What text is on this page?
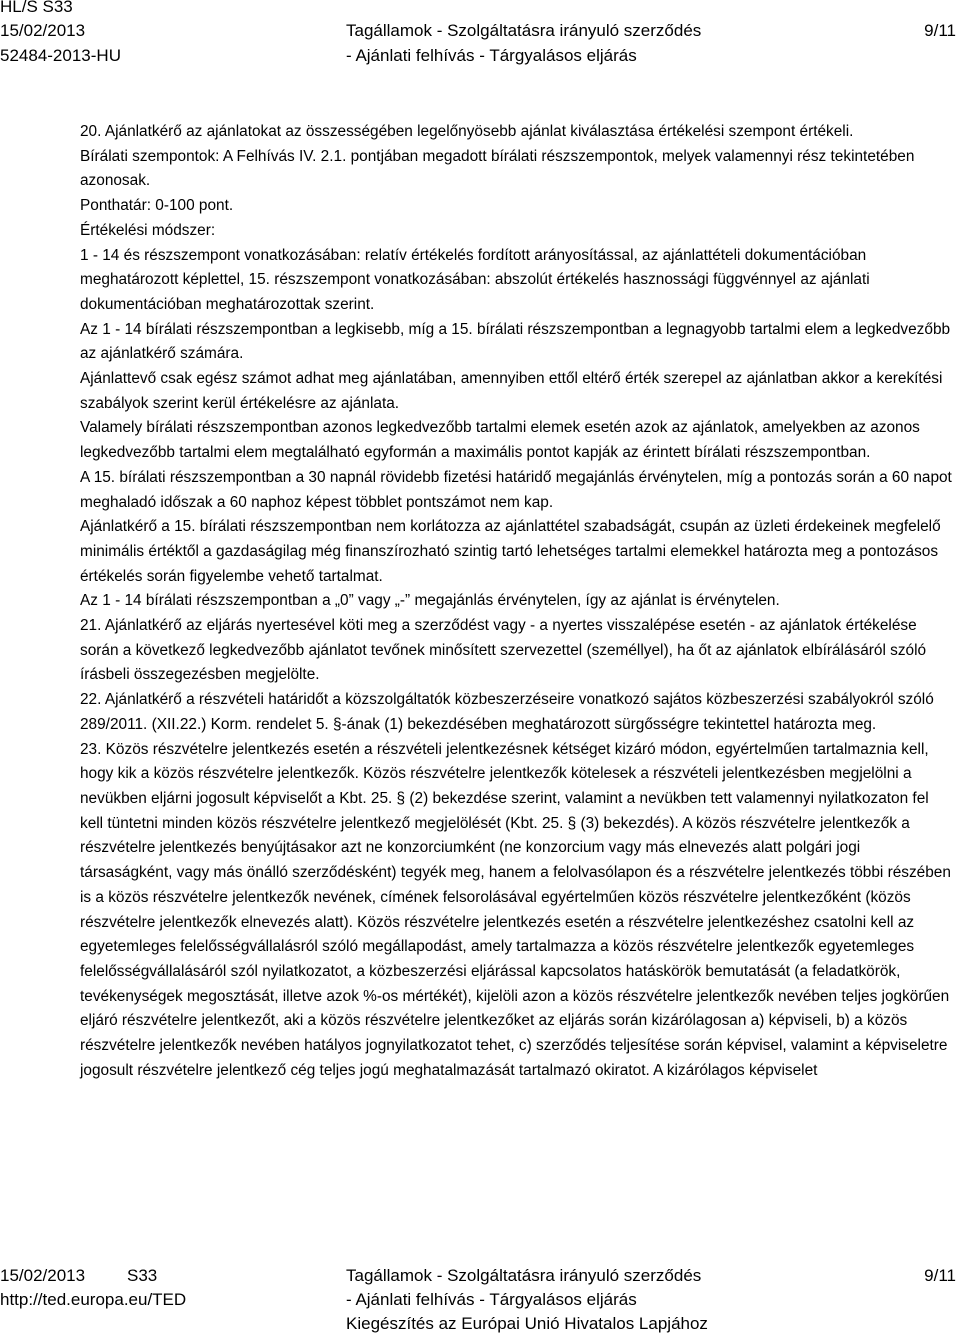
HL/S S33
15/02/2013
52484-2013-HU
Tagállamok - Szolgáltatásra irányuló szerződés
- Ajánlati felhívás - Tárgyalásos eljárás
9/11

20. Ajánlatkérő az ajánlatokat az összességében legelőnyösebb ajánlat kiválasztása értékelési szempont értékeli.

Bírálati szempontok: A Felhívás IV. 2.1. pontjában megadott bírálati részszempontok, melyek valamennyi rész tekintetében azonosak.

Ponthatár: 0-100 pont.

Értékelési módszer:

1 - 14 és részszempont vonatkozásában: relatív értékelés fordított arányosítással, az ajánlattételi dokumentációban meghatározott képlettel, 15. részszempont vonatkozásában: abszolút értékelés hasznossági függvénnyel az ajánlati dokumentációban meghatározottak szerint.

Az 1 - 14 bírálati részszempontban a legkisebb, míg a 15. bírálati részszempontban a legnagyobb tartalmi elem a legkedvezőbb az ajánlatkérő számára.

Ajánlattevő csak egész számot adhat meg ajánlatában, amennyiben ettől eltérő érték szerepel az ajánlatban akkor a kerekítési szabályok szerint kerül értékelésre az ajánlata.

Valamely bírálati részszempontban azonos legkedvezőbb tartalmi elemek esetén azok az ajánlatok, amelyekben az azonos legkedvezőbb tartalmi elem megtalálható egyformán a maximális pontot kapják az érintett bírálati részszempontban.

A 15. bírálati részszempontban a 30 napnál rövidebb fizetési határidő megajánlás érvénytelen, míg a pontozás során a 60 napot meghaladó időszak a 60 naphoz képest többlet pontszámot nem kap.

Ajánlatkérő a 15. bírálati részszempontban nem korlátozza az ajánlattétel szabadságát, csupán az üzleti érdekeinek megfelelő minimális értéktől a gazdaságilag még finanszírozható szintig tartó lehetséges tartalmi elemekkel határozta meg a pontozásos értékelés során figyelembe vehető tartalmat.

Az 1 - 14 bírálati részszempontban a „0” vagy „-” megajánlás érvénytelen, így az ajánlat is érvénytelen.

21. Ajánlatkérő az eljárás nyertesével köti meg a szerződést vagy - a nyertes visszalépése esetén - az ajánlatok értékelése során a következő legkedvezőbb ajánlatot tevőnek minősített szervezettel (személlyel), ha őt az ajánlatok elbírálásáról szóló írásbeli összegezésben megjelölte.

22. Ajánlatkérő a részvételi határidőt a közszolgáltatók közbeszerzéseire vonatkozó sajátos közbeszerzési szabályokról szóló 289/2011. (XII.22.) Korm. rendelet 5. §-ának (1) bekezdésében meghatározott sürgősségre tekintettel határozta meg.

23. Közös részvételre jelentkezés esetén a részvételi jelentkezésnek kétséget kizáró módon, egyértelműen tartalmaznia kell, hogy kik a közös részvételre jelentkezők. Közös részvételre jelentkezők kötelesek a részvételi jelentkezésben megjelölni a nevükben eljárni jogosult képviselőt a Kbt. 25. § (2) bekezdése szerint, valamint a nevükben tett valamennyi nyilatkozaton fel kell tüntetni minden közös részvételre jelentkező megjelölését (Kbt. 25. § (3) bekezdés). A közös részvételre jelentkezők a részvételre jelentkezés benyújtásakor azt ne konzorciumként (ne konzorcium vagy más elnevezés alatt polgári jogi társaságként, vagy más önálló szerződésként) tegyék meg, hanem a felolvasólapon és a részvételre jelentkezés többi részében is a közös részvételre jelentkezők nevének, címének felsorolásával egyértelműen közös részvételre jelentkezőként (közös részvételre jelentkezők elnevezés alatt). Közös részvételre jelentkezés esetén a részvételre jelentkezéshez csatolni kell az egyetemleges felelősségvállalásról szóló megállapodást, amely tartalmazza a közös részvételre jelentkezők egyetemleges felelősségvállalásáról szól nyilatkozatot, a közbeszerzési eljárással kapcsolatos hatáskörök bemutatását (a feladatkörök, tevékenységek megosztását, illetve azok %-os mértékét), kijelöli azon a közös részvételre jelentkezők nevében teljes jogkörűen eljáró részvételre jelentkezőt, aki a közös részvételre jelentkezőket az eljárás során kizárólagosan a) képviseli, b) a közös részvételre jelentkezők nevében hatályos jognyilatkozatot tehet, c) szerződés teljesítése során képvisel, valamint a képviseletre jogosult részvételre jelentkező cég teljes jogú meghatalmazását tartalmazó okiratot. A kizárólagos képviselet

15/02/2013 S33
http://ted.europa.eu/TED
Tagállamok - Szolgáltatásra irányuló szerződés
- Ajánlati felhívás - Tárgyalásos eljárás
Kiegészítés az Európai Unió Hivatalos Lapjához
9/11
